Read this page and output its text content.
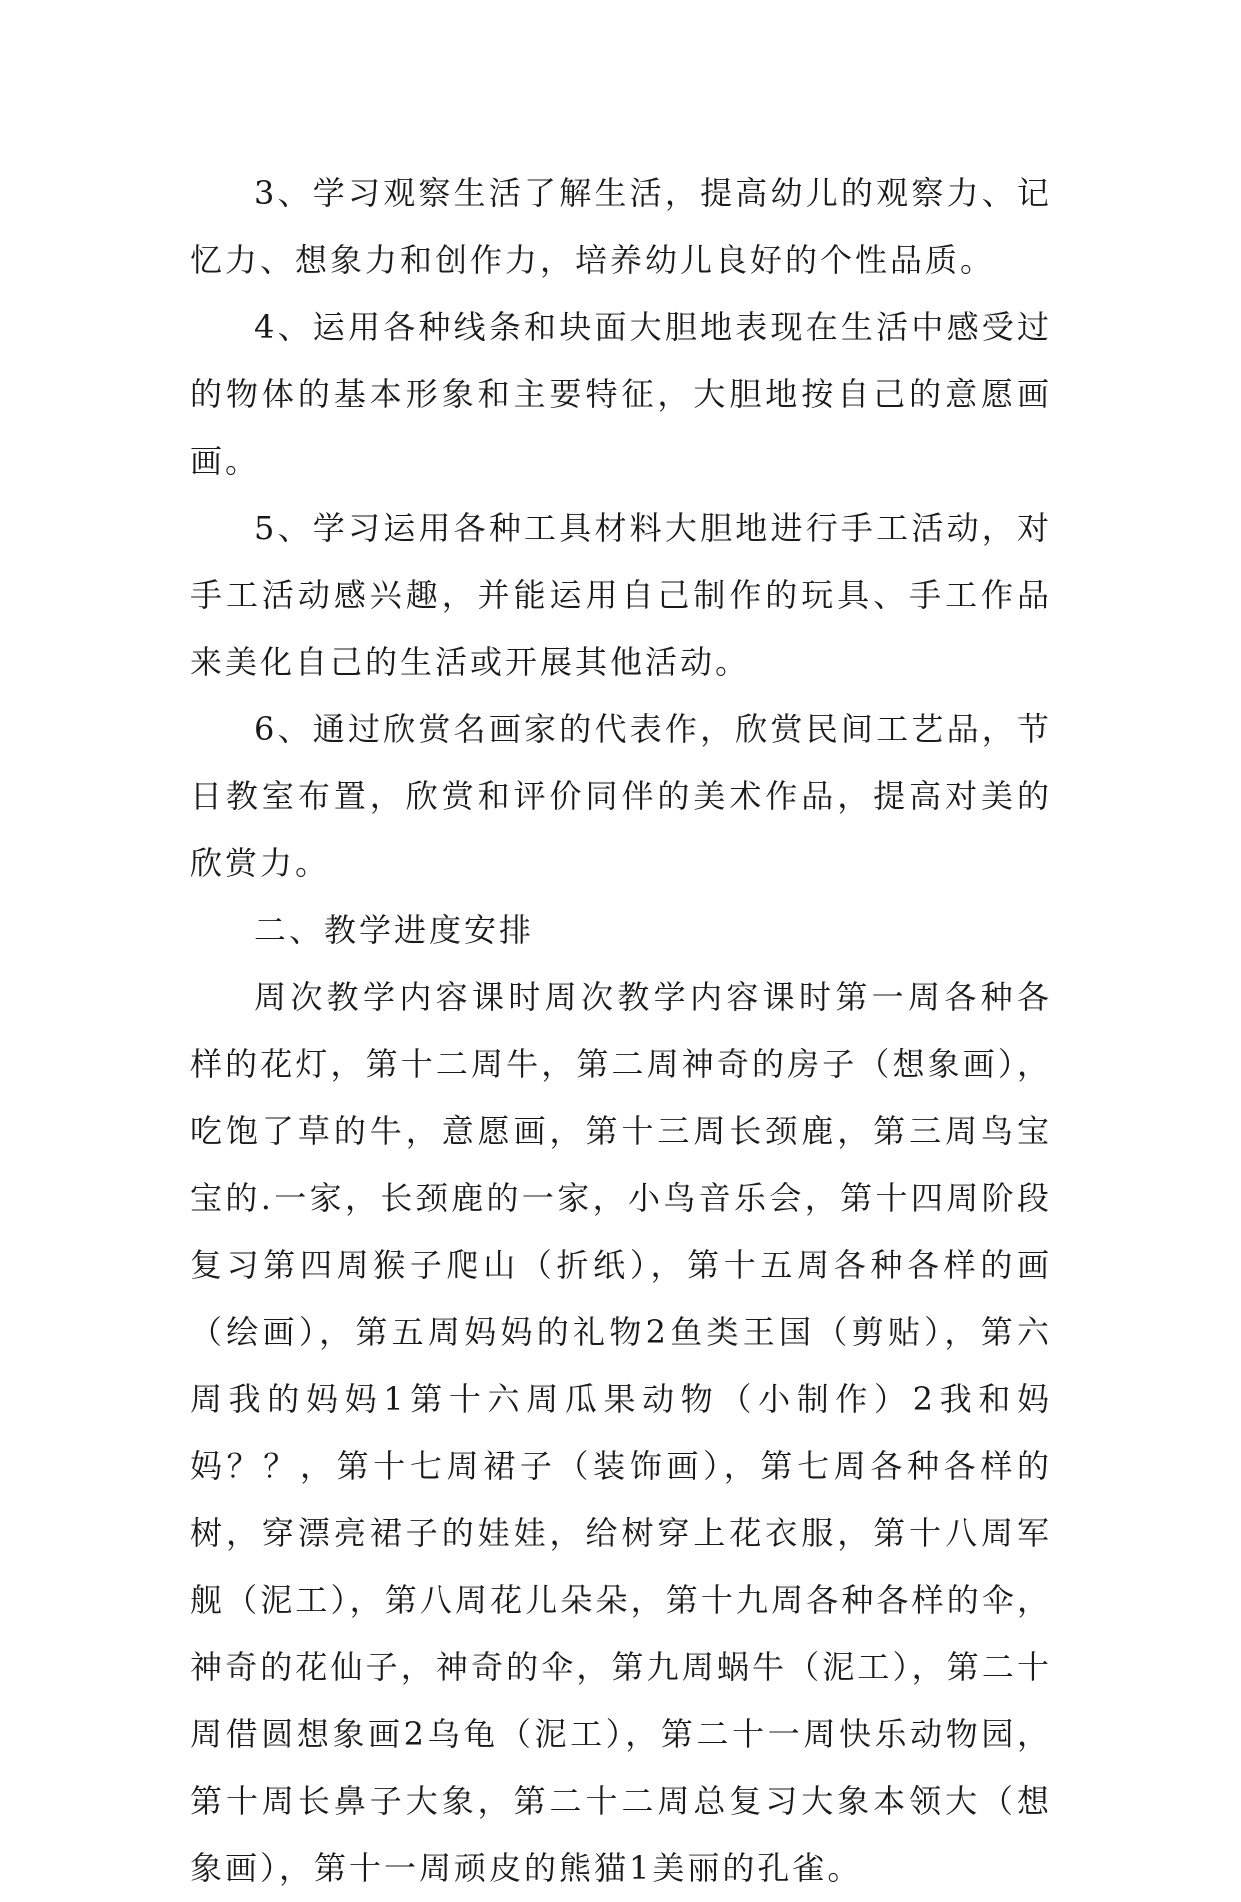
3、学习观察生活了解生活，提高幼儿的观察力、记忆力、想象力和创作力，培养幼儿良好的个性品质。

4、运用各种线条和块面大胆地表现在生活中感受过的物体的基本形象和主要特征，大胆地按自己的意愿画画。

5、学习运用各种工具材料大胆地进行手工活动，对手工活动感兴趣，并能运用自己制作的玩具、手工作品来美化自己的生活或开展其他活动。

6、通过欣赏名画家的代表作，欣赏民间工艺品，节日教室布置，欣赏和评价同伴的美术作品，提高对美的欣赏力。

二、教学进度安排

周次教学内容课时周次教学内容课时第一周各种各样的花灯，第十二周牛，第二周神奇的房子（想象画），吃饱了草的牛，意愿画，第十三周长颈鹿，第三周鸟宝宝的.一家，长颈鹿的一家，小鸟音乐会，第十四周阶段复习第四周猴子爬山（折纸），第十五周各种各样的画（绘画），第五周妈妈的礼物2鱼类王国（剪贴），第六周我的妈妈1第十六周瓜果动物（小制作）2我和妈妈？？，第十七周裙子（装饰画），第七周各种各样的树，穿漂亮裙子的娃娃，给树穿上花衣服，第十八周军舰（泥工），第八周花儿朵朵，第十九周各种各样的伞，神奇的花仙子，神奇的伞，第九周蜗牛（泥工），第二十周借圆想象画2乌龟（泥工），第二十一周快乐动物园，第十周长鼻子大象，第二十二周总复习大象本领大（想象画），第十一周顽皮的熊猫1美丽的孔雀。
